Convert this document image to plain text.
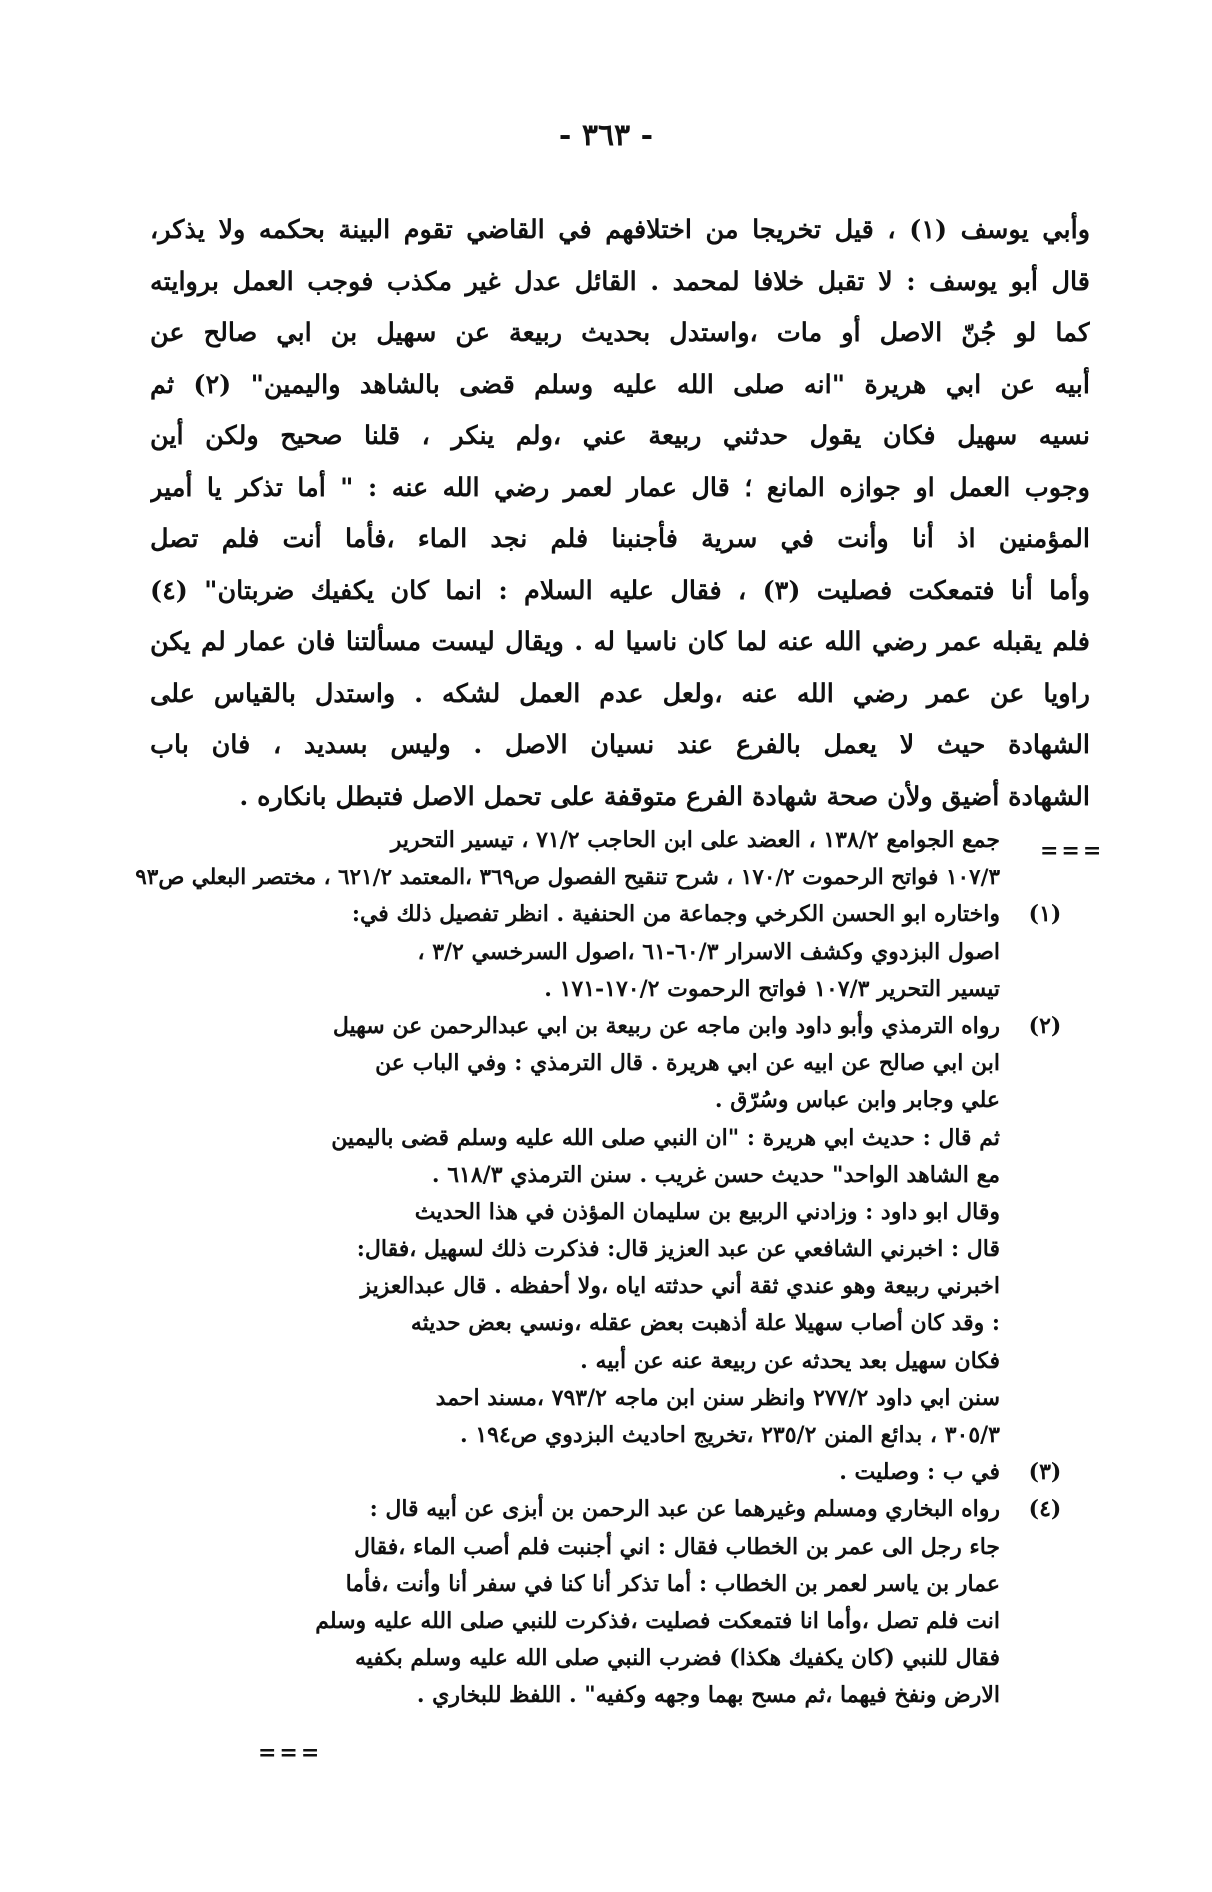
- ٣٦٣ -
وأبي يوسف (١) ، قيل تخريجا من اختلافهم في القاضي تقوم البينة بحكمه ولا يذكر،
قال أبو يوسف : لا تقبل خلافا لمحمد . القائل عدل غير مكذب فوجب العمل بروايته
كما لو جُنّ الاصل أو مات ،واستدل بحديث ربيعة عن سهيل بن ابي صالح عن
أبيه عن ابي هريرة "انه صلى الله عليه وسلم قضى بالشاهد واليمين" (٢) ثم
نسيه سهيل فكان يقول حدثني ربيعة عني ،ولم ينكر ، قلنا صحيح ولكن أين
وجوب العمل او جوازه المانع ؛ قال عمار لعمر رضي الله عنه : " أما تذكر يا أمير
المؤمنين اذ أنا وأنت في سرية فأجنبنا فلم نجد الماء ،فأما أنت فلم تصل
وأما أنا فتمعكت فصليت (٣) ، فقال عليه السلام : انما كان يكفيك ضربتان" (٤)
فلم يقبله عمر رضي الله عنه لما كان ناسيا له . ويقال ليست مسألتنا فان عمار لم يكن
راويا عن عمر رضي الله عنه ،ولعل عدم العمل لشكه . واستدل بالقياس على
الشهادة حيث لا يعمل بالفرع عند نسيان الاصل . وليس بسديد ، فان باب
الشهادة أضيق ولأن صحة شهادة الفرع متوقفة على تحمل الاصل فتبطل بانكاره .
===
جمع الجوامع ١٣٨/٢ ، العضد على ابن الحاجب ٧١/٢ ، تيسير التحرير
١٠٧/٣ فواتح الرحموت ١٧٠/٢ ، شرح تنقيح الفصول ص٣٦٩ ،المعتمد ٦٢١/٢ ، مختصر البعلي ص٩٣
(١)واختاره ابو الحسن الكرخي وجماعة من الحنفية . انظر تفصيل ذلك في:
اصول البزدوي وكشف الاسرار ٦٠/٣-٦١ ،اصول السرخسي ٣/٢ ،
تيسير التحرير ١٠٧/٣ فواتح الرحموت ١٧٠/٢-١٧١ .
(٢)رواه الترمذي وأبو داود وابن ماجه عن ربيعة بن ابي عبدالرحمن عن سهيل
ابن ابي صالح عن ابيه عن ابي هريرة . قال الترمذي : وفي الباب عن
علي وجابر وابن عباس وسُرّق .
ثم قال : حديث ابي هريرة : "ان النبي صلى الله عليه وسلم قضى باليمين
مع الشاهد الواحد" حديث حسن غريب . سنن الترمذي ٦١٨/٣ .
وقال ابو داود : وزادني الربيع بن سليمان المؤذن في هذا الحديث
قال : اخبرني الشافعي عن عبد العزيز قال: فذكرت ذلك لسهيل ،فقال:
اخبرني ربيعة وهو عندي ثقة أني حدثته اياه ،ولا أحفظه . قال عبدالعزيز
: وقد كان أصاب سهيلا علة أذهبت بعض عقله ،ونسي بعض حديثه
فكان سهيل بعد يحدثه عن ربيعة عنه عن أبيه .
سنن ابي داود ٢٧٧/٢ وانظر سنن ابن ماجه ٧٩٣/٢ ،مسند احمد
٣٠٥/٣ ، بدائع المنن ٢٣٥/٢ ،تخريج احاديث البزدوي ص١٩٤ .
(٣)في ب : وصليت .
(٤)رواه البخاري ومسلم وغيرهما عن عبد الرحمن بن أبزى عن أبيه قال :
جاء رجل الى عمر بن الخطاب فقال : اني أجنبت فلم أصب الماء ،فقال
عمار بن ياسر لعمر بن الخطاب : أما تذكر أنا كنا في سفر أنا وأنت ،فأما
انت فلم تصل ،وأما انا فتمعكت فصليت ،فذكرت للنبي صلى الله عليه وسلم
فقال للنبي (كان يكفيك هكذا) فضرب النبي صلى الله عليه وسلم بكفيه
الارض ونفخ فيهما ،ثم مسح بهما وجهه وكفيه" . اللفظ للبخاري .
===
